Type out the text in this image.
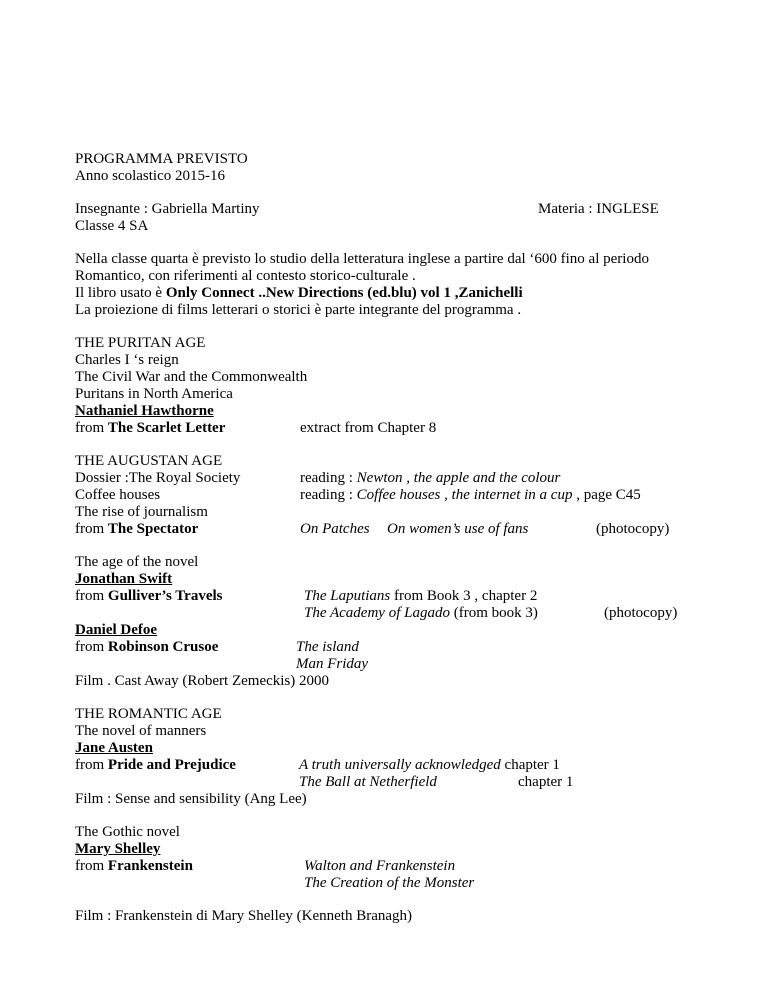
PROGRAMMA PREVISTO
Anno scolastico 2015-16
Insegnante : Gabriella Martiny	Materia : INGLESE
Classe 4 SA
Nella classe quarta è previsto lo studio della letteratura inglese a partire dal ‘600 fino al periodo
Romantico, con riferimenti al contesto storico-culturale .
Il libro usato è Only Connect ..New Directions (ed.blu) vol 1 ,Zanichelli
La proiezione di films letterari o storici è parte integrante del programma .
THE PURITAN AGE
Charles I ‘s reign
The Civil War and the Commonwealth
Puritans in North America
Nathaniel Hawthorne
from The Scarlet Letter	extract from Chapter 8
THE AUGUSTAN AGE
Dossier :The Royal Society	reading : Newton , the apple and the colour
Coffee houses	reading : Coffee houses , the internet in a cup , page C45
The rise of journalism
from The Spectator	On Patches On women’s use of fans	(photocopy)
The age of the novel
Jonathan Swift
from Gulliver’s Travels	The Laputians from Book 3 , chapter 2
The Academy of Lagado (from book 3)	(photocopy)
Daniel Defoe
from Robinson Crusoe	The island
Man Friday
Film . Cast Away (Robert Zemeckis) 2000
THE ROMANTIC AGE
The novel of manners
Jane Austen
from Pride and Prejudice	A truth universally acknowledged chapter 1
The Ball at Netherfield	chapter 1
Film : Sense and sensibility (Ang Lee)
The Gothic novel
Mary Shelley
from Frankenstein	Walton and Frankenstein
The Creation of the Monster
Film : Frankenstein di Mary Shelley (Kenneth Branagh)
